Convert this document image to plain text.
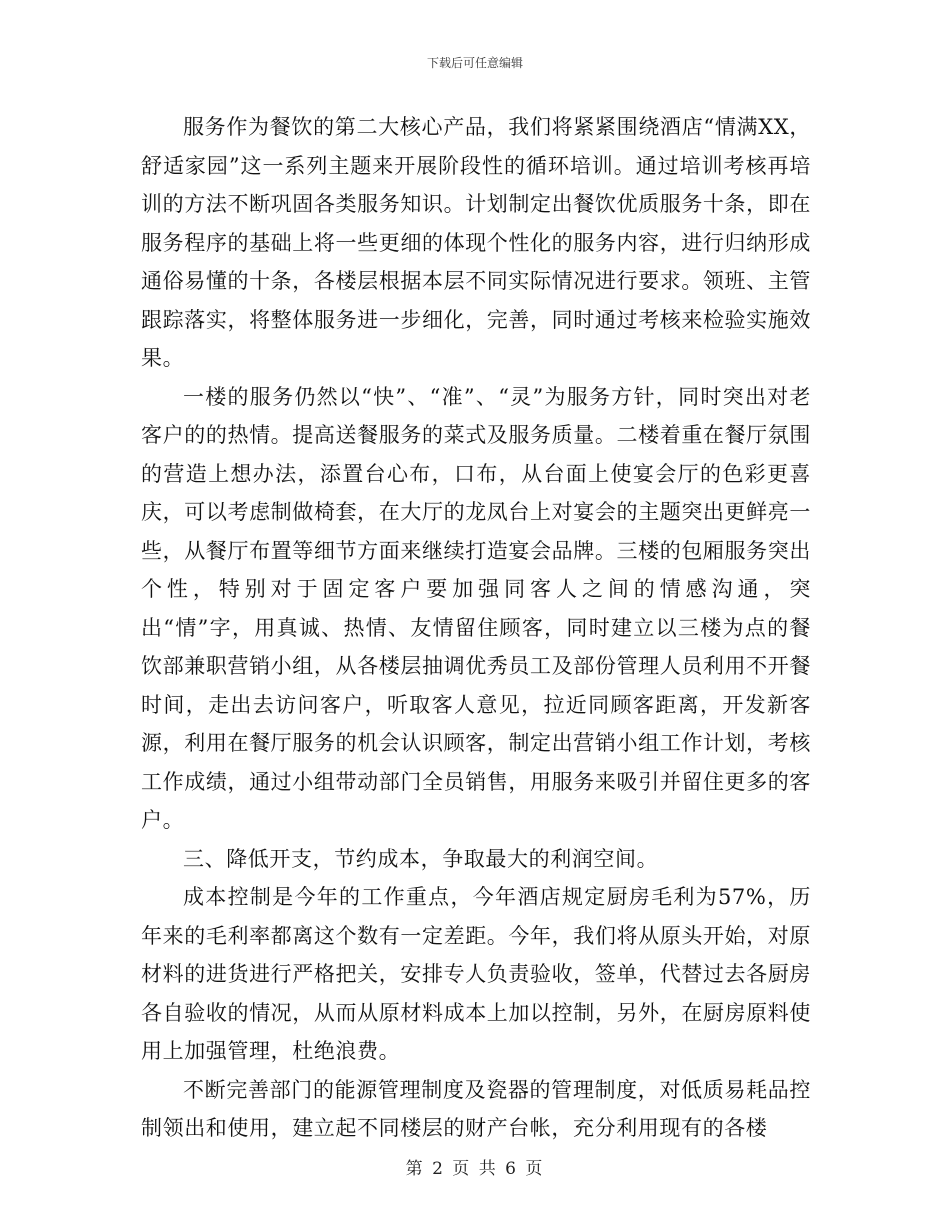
下载后可任意编辑

服务作为餐饮的第二大核心产品，我们将紧紧围绕酒店“情满XX，舒适家园”这一系列主题来开展阶段性的循环培训。通过培训考核再培训的方法不断巩固各类服务知识。计划制定出餐饮优质服务十条，即在服务程序的基础上将一些更细的体现个性化的服务内容，进行归纳形成通俗易懂的十条，各楼层根据本层不同实际情况进行要求。领班、主管跟踪落实，将整体服务进一步细化，完善，同时通过考核来检验实施效果。

一楼的服务仍然以“快”、“准”、“灵”为服务方针，同时突出对老客户的的热情。提高送餐服务的菜式及服务质量。二楼着重在餐厅氛围的营造上想办法，添置台心布，口布，从台面上使宴会厅的色彩更喜庆，可以考虑制做椅套，在大厅的龙凤台上对宴会的主题突出更鲜亮一些，从餐厅布置等细节方面来继续打造宴会品牌。三楼的包厢服务突出个性，特别对于固定客户要加强同客人之间的情感沟通，突出“情”字，用真诚、热情、友情留住顾客，同时建立以三楼为点的餐饮部兼职营销小组，从各楼层抽调优秀员工及部份管理人员利用不开餐时间，走出去访问客户，听取客人意见，拉近同顾客距离，开发新客源，利用在餐厅服务的机会认识顾客，制定出营销小组工作计划，考核工作成绩，通过小组带动部门全员销售，用服务来吸引并留住更多的客户。

三、降低开支，节约成本，争取最大的利润空间。

成本控制是今年的工作重点，今年酒店规定厨房毛利为57%，历年来的毛利率都离这个数有一定差距。今年，我们将从原头开始，对原材料的进货进行严格把关，安排专人负责验收，签单，代替过去各厨房各自验收的情况，从而从原材料成本上加以控制，另外，在厨房原料使用上加强管理，杜绝浪费。

不断完善部门的能源管理制度及瓷器的管理制度，对低质易耗品控制领出和使用，建立起不同楼层的财产台帐，充分利用现有的各楼

第 2 页 共 6 页
